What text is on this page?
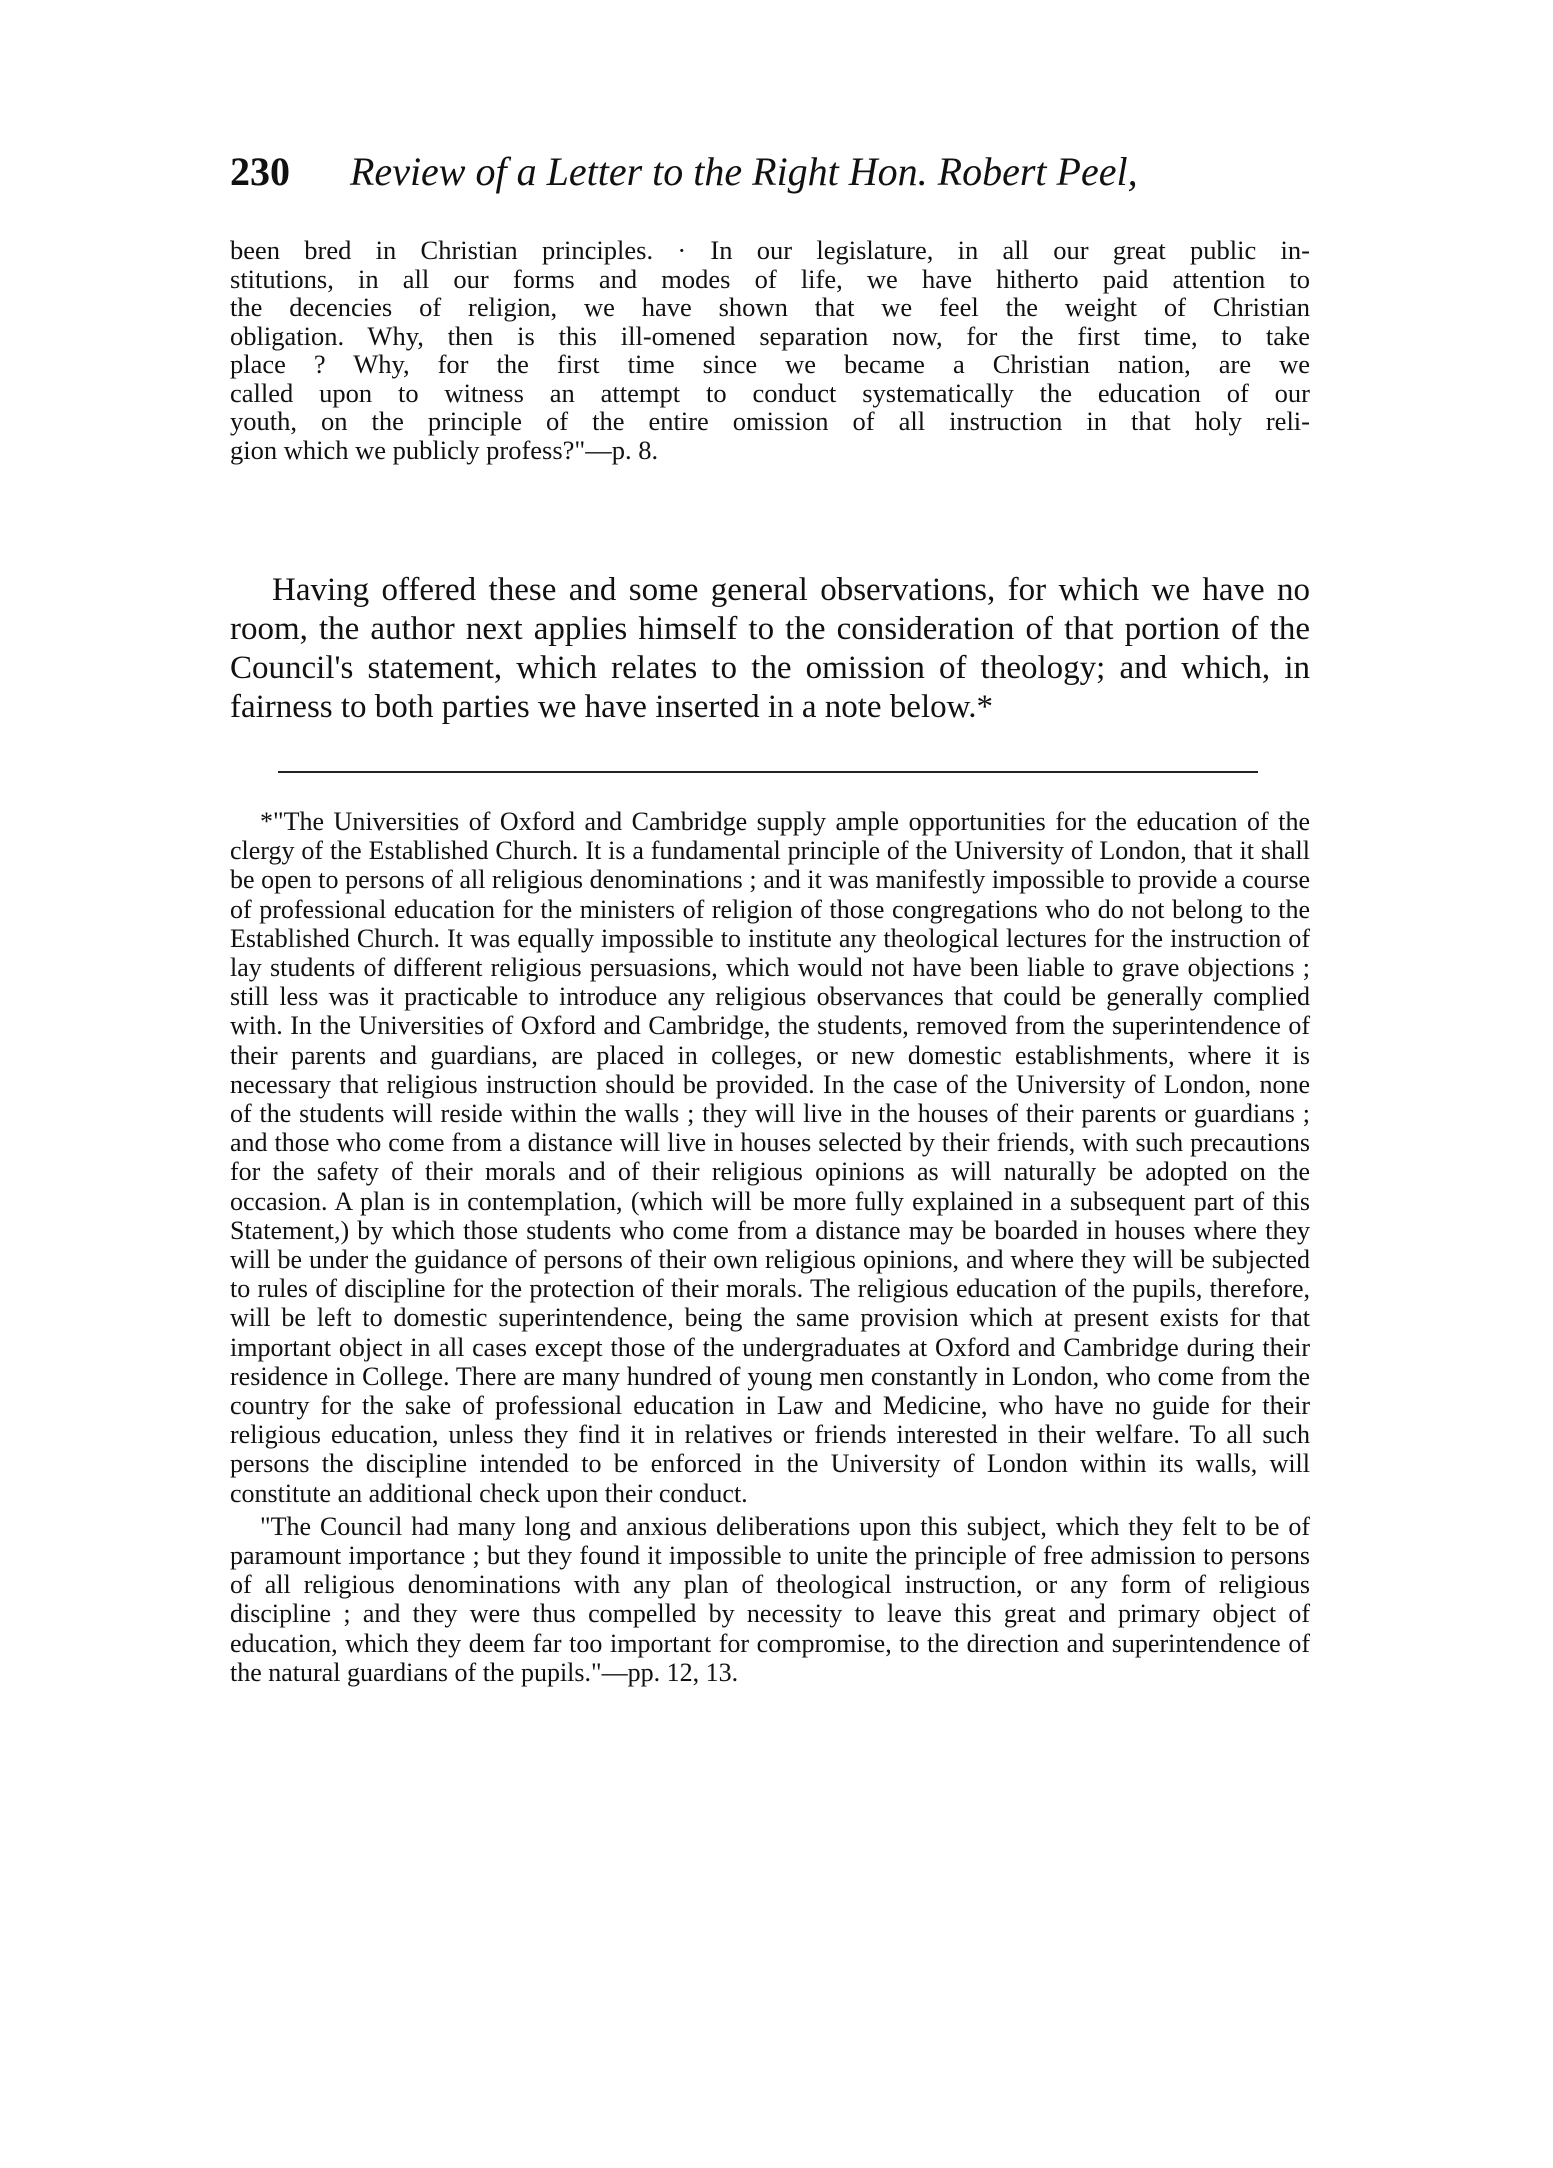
230 Review of a Letter to the Right Hon. Robert Peel,
been bred in Christian principles. · In our legislature, in all our great public in-
stitutions, in all our forms and modes of life, we have hitherto paid attention to
the decencies of religion, we have shown that we feel the weight of Christian
obligation. Why, then is this ill-omened separation now, for the first time, to take
place ? Why, for the first time since we became a Christian nation, are we
called upon to witness an attempt to conduct systematically the education of our
youth, on the principle of the entire omission of all instruction in that holy reli-
gion which we publicly profess?"—p. 8.

Having offered these and some general observations, for which we have no room, the author next applies himself to the consideration of that portion of the Council's statement, which relates to the omission of theology; and which, in fairness to both parties we have inserted in a note below.*

*"The Universities of Oxford and Cambridge supply ample opportunities for the education of the clergy of the Established Church. It is a fundamental principle of the University of London, that it shall be open to persons of all religious denominations ; and it was manifestly impossible to provide a course of professional education for the ministers of religion of those congregations who do not belong to the Established Church. It was equally impossible to institute any theological lectures for the instruction of lay students of different religious persuasions, which would not have been liable to grave objections ; still less was it practicable to introduce any religious observances that could be generally complied with. In the Universities of Oxford and Cambridge, the students, removed from the superintendence of their parents and guardians, are placed in colleges, or new domestic establishments, where it is necessary that religious instruction should be provided. In the case of the University of London, none of the students will reside within the walls ; they will live in the houses of their parents or guardians ; and those who come from a distance will live in houses selected by their friends, with such precautions for the safety of their morals and of their religious opinions as will naturally be adopted on the occasion. A plan is in contemplation, (which will be more fully explained in a subsequent part of this Statement,) by which those students who come from a distance may be boarded in houses where they will be under the guidance of persons of their own religious opinions, and where they will be subjected to rules of discipline for the protection of their morals. The religious education of the pupils, therefore, will be left to domestic superintendence, being the same provision which at present exists for that important object in all cases except those of the undergraduates at Oxford and Cambridge during their residence in College. There are many hundred of young men constantly in London, who come from the country for the sake of professional education in Law and Medicine, who have no guide for their religious education, unless they find it in relatives or friends interested in their welfare. To all such persons the discipline intended to be enforced in the University of London within its walls, will constitute an additional check upon their conduct.

"The Council had many long and anxious deliberations upon this subject, which they felt to be of paramount importance ; but they found it impossible to unite the principle of free admission to persons of all religious denominations with any plan of theological instruction, or any form of religious discipline ; and they were thus compelled by necessity to leave this great and primary object of education, which they deem far too important for compromise, to the direction and superintendence of the natural guardians of the pupils."—pp. 12, 13.
